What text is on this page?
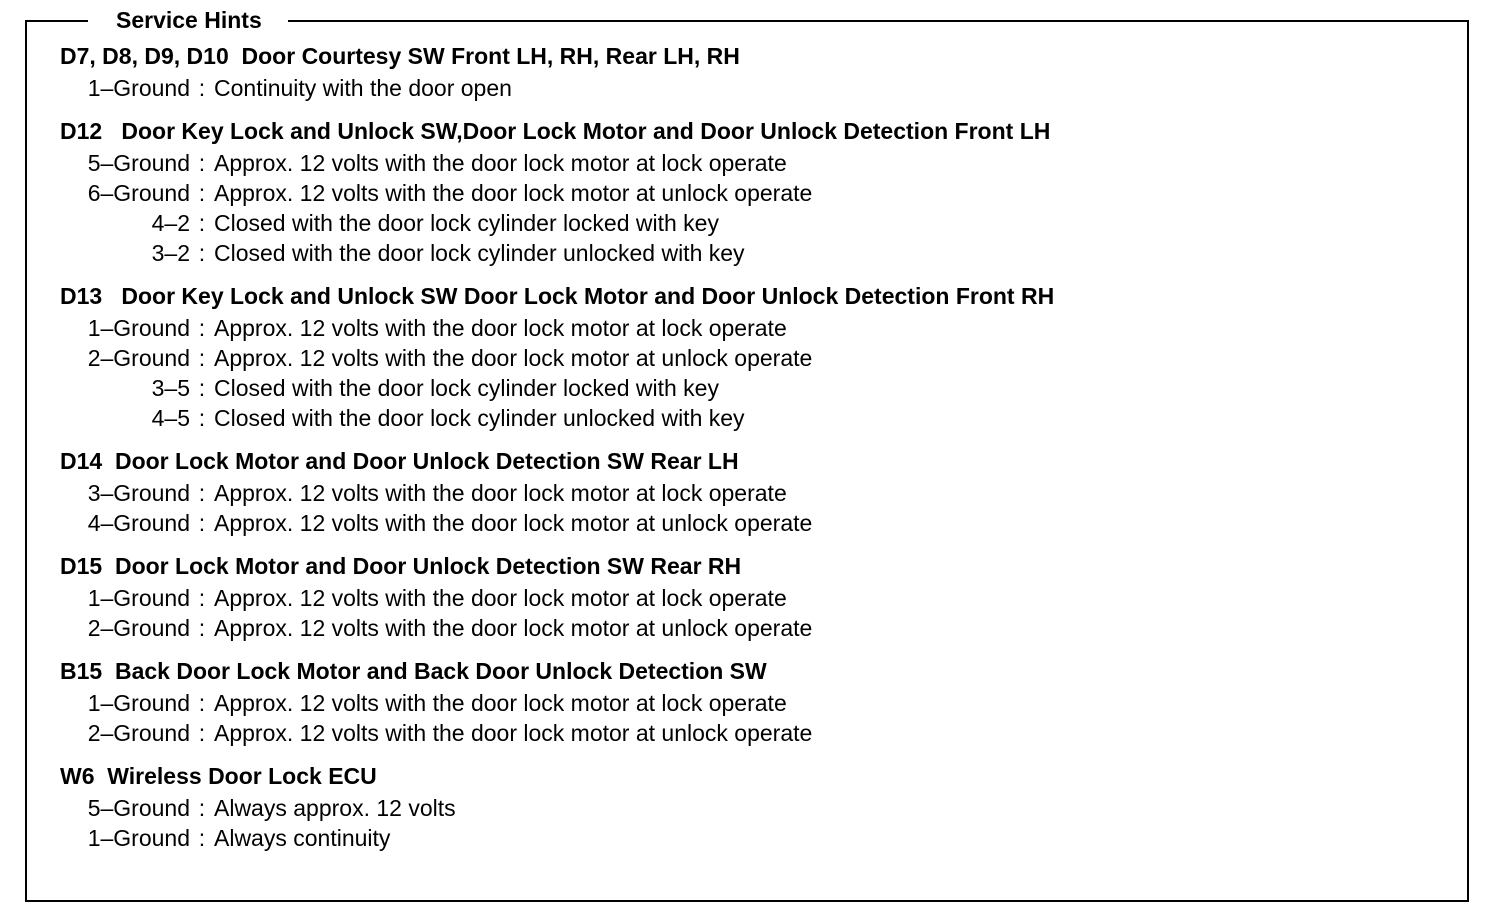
Service Hints
D7, D8, D9, D10  Door Courtesy SW Front LH, RH, Rear LH, RH
1–Ground : Continuity with the door open
D12   Door Key Lock and Unlock SW,Door Lock Motor and Door Unlock Detection Front LH
5–Ground : Approx. 12 volts with the door lock motor at lock operate
6–Ground : Approx. 12 volts with the door lock motor at unlock operate
4–2 : Closed with the door lock cylinder locked with key
3–2 : Closed with the door lock cylinder unlocked with key
D13   Door Key Lock and Unlock SW Door Lock Motor and Door Unlock Detection Front RH
1–Ground : Approx. 12 volts with the door lock motor at lock operate
2–Ground : Approx. 12 volts with the door lock motor at unlock operate
3–5 : Closed with the door lock cylinder locked with key
4–5 : Closed with the door lock cylinder unlocked with key
D14  Door Lock Motor and Door Unlock Detection SW Rear LH
3–Ground : Approx. 12 volts with the door lock motor at lock operate
4–Ground : Approx. 12 volts with the door lock motor at unlock operate
D15  Door Lock Motor and Door Unlock Detection SW Rear RH
1–Ground : Approx. 12 volts with the door lock motor at lock operate
2–Ground : Approx. 12 volts with the door lock motor at unlock operate
B15  Back Door Lock Motor and Back Door Unlock Detection SW
1–Ground : Approx. 12 volts with the door lock motor at lock operate
2–Ground : Approx. 12 volts with the door lock motor at unlock operate
W6  Wireless Door Lock ECU
5–Ground : Always approx. 12 volts
1–Ground : Always continuity
